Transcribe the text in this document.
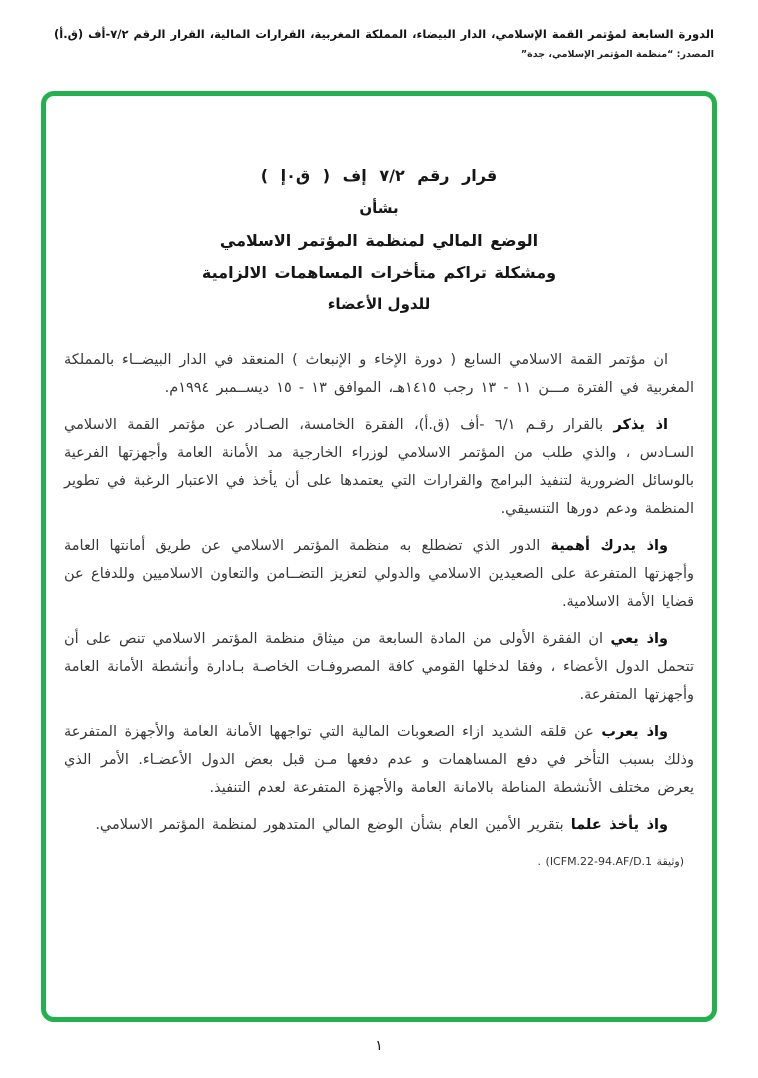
الدورة السابعة لمؤتمر القمة الإسلامي، الدار البيضاء، المملكة المغربية، القرارات المالية، القرار الرقم ٧/٢-أف (ق.أ)
المصدر: “منظمة المؤتمر الإسلامي، جدة”
قرار رقم ٧/٢ إف ( ق٠إ )
بشأن
الوضع المالي لمنظمة المؤتمر الاسلامي
ومشكلة تراكم متأخرات المساهمات الالزامية
للدول الأعضاء

ان مؤتمر القمة الاسلامي السابع ( دورة الإخاء و الإنبعاث ) المنعقد في الدار البيضــاء بالمملكة المغربية في الفترة مـــن ١١ - ١٣ رجب ١٤١٥هـ، الموافق ١٣ - ١٥ ديســمبر ١٩٩٤م.

اذ يذكر بالقرار رقـم ٦/١ -أف (ق.أ)، الفقرة الخامسة، الصـادر عن مؤتمر القمة الاسلامي السـادس ، والذي طلب من المؤتمر الاسلامي لوزراء الخارجية مد الأمانة العامة وأجهزتها الفرعية بالوسائل الضرورية لتنفيذ البرامج والقرارات التي يعتمدها على أن يأخذ في الاعتبار الرغبة في تطوير المنظمة ودعم دورها التنسيقي.

واذ يدرك أهمية الدور الذي تضطلع به منظمة المؤتمر الاسلامي عن طريق أمانتها العامة وأجهزتها المتفرعة على الصعيدين الاسلامي والدولي لتعزيز التضــامن والتعاون الاسلاميين وللدفاع عن قضايا الأمة الاسلامية.

واذ يعي ان الفقرة الأولى من المادة السابعة من ميثاق منظمة المؤتمر الاسلامي تنص على أن تتحمل الدول الأعضاء ، وفقا لدخلها القومي كافة المصروفـات الخاصـة بـادارة وأنشطة الأمانة العامة وأجهزتها المتفرعة.

واذ يعرب عن قلقه الشديد ازاء الصعوبات المالية التي تواجهها الأمانة العامة والأجهزة المتفرعة وذلك بسبب التأخر في دفع المساهمات و عدم دفعها مـن قبل بعض الدول الأعضـاء. الأمر الذي يعرض مختلف الأنشطة المناطة بالامانة العامة والأجهزة المتفرعة لعدم التنفيذ.

واذ يأخذ علما بتقرير الأمين العام بشأن الوضع المالي المتدهور لمنظمة المؤتمر الاسلامي.

(وثيقة ICFM.22-94.AF/D.1) .
١
